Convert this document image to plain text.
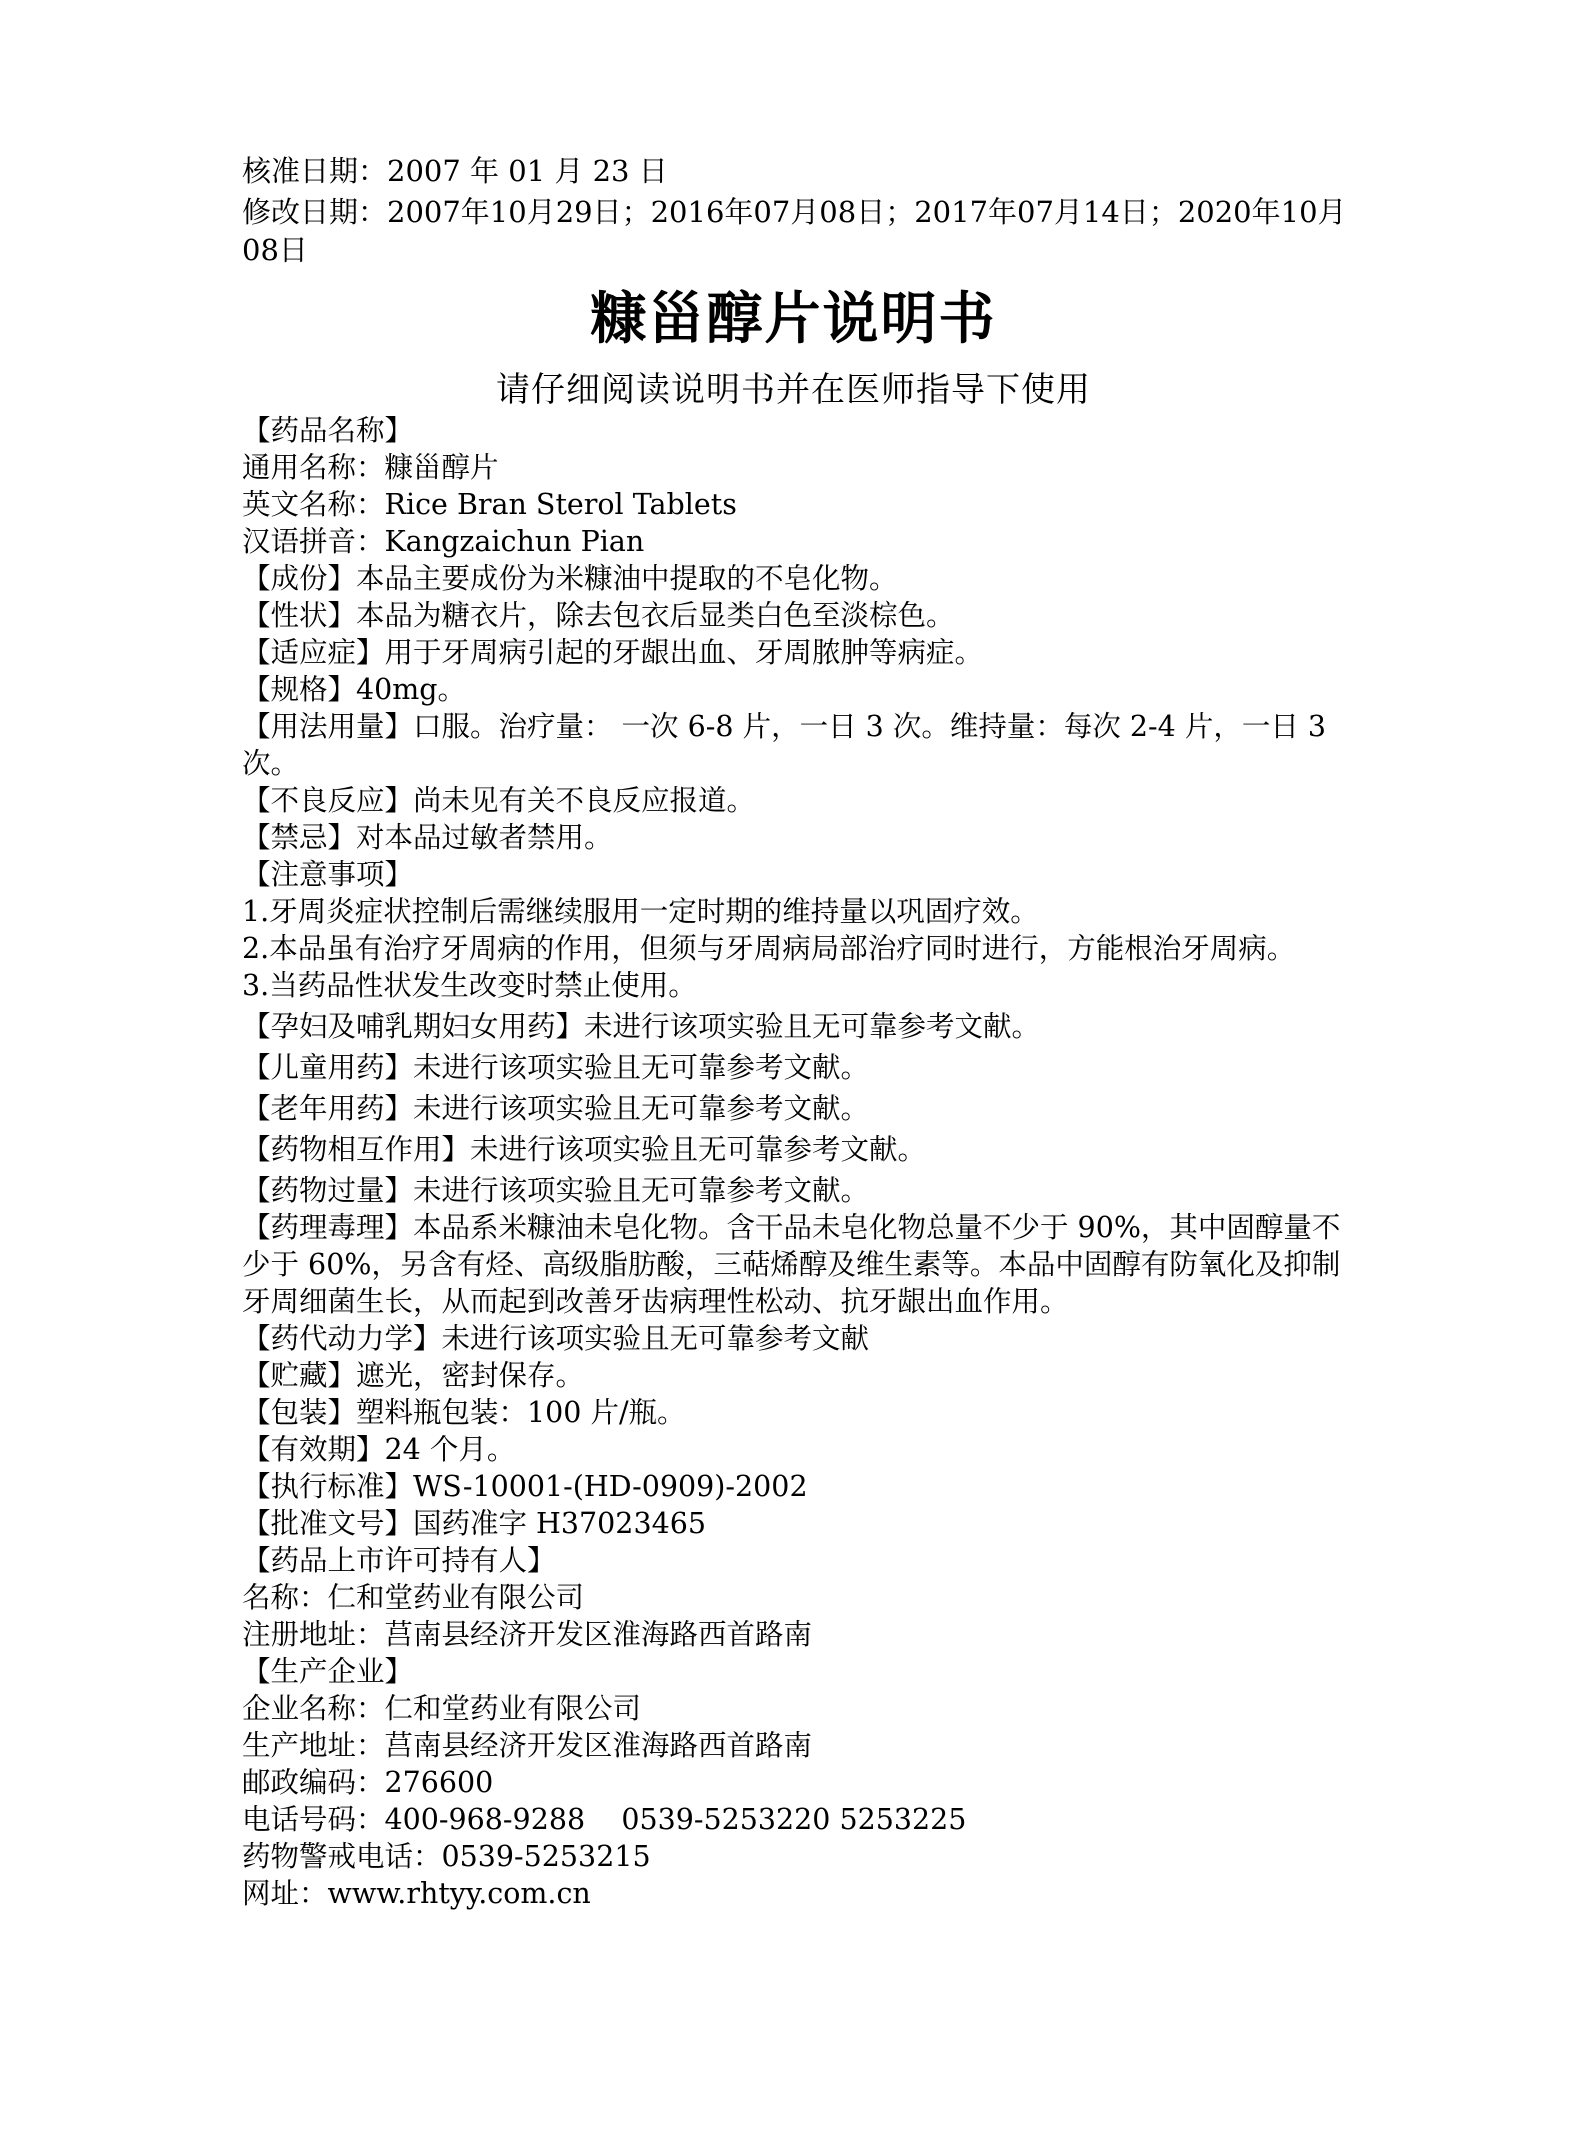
核准日期：2007 年 01 月 23 日

修改日期：2007年10月29日；2016年07月08日；2017年07月14日；2020年10月08日

糠甾醇片说明书
请仔细阅读说明书并在医师指导下使用

【药品名称】

通用名称：糠甾醇片

英文名称：Rice Bran Sterol Tablets

汉语拼音：Kangzaichun Pian

【成份】本品主要成份为米糠油中提取的不皂化物。

【性状】本品为糖衣片，除去包衣后显类白色至淡棕色。

【适应症】用于牙周病引起的牙龈出血、牙周脓肿等病症。

【规格】40mg。

【用法用量】口服。治疗量： 一次 6-8 片，一日 3 次。维持量：每次 2-4 片，一日 3 次。

【不良反应】尚未见有关不良反应报道。

【禁忌】对本品过敏者禁用。

【注意事项】

1.牙周炎症状控制后需继续服用一定时期的维持量以巩固疗效。

2.本品虽有治疗牙周病的作用，但须与牙周病局部治疗同时进行，方能根治牙周病。

3.当药品性状发生改变时禁止使用。

【孕妇及哺乳期妇女用药】未进行该项实验且无可靠参考文献。

【儿童用药】未进行该项实验且无可靠参考文献。

【老年用药】未进行该项实验且无可靠参考文献。

【药物相互作用】未进行该项实验且无可靠参考文献。

【药物过量】未进行该项实验且无可靠参考文献。

【药理毒理】本品系米糠油未皂化物。含干品未皂化物总量不少于 90%，其中固醇量不少于 60%，另含有烃、高级脂肪酸，三萜烯醇及维生素等。本品中固醇有防氧化及抑制牙周细菌生长，从而起到改善牙齿病理性松动、抗牙龈出血作用。

【药代动力学】未进行该项实验且无可靠参考文献

【贮藏】遮光，密封保存。

【包装】塑料瓶包装：100 片/瓶。

【有效期】24 个月。

【执行标准】WS-10001-(HD-0909)-2002

【批准文号】国药准字 H37023465

【药品上市许可持有人】

名称：仁和堂药业有限公司

注册地址：莒南县经济开发区淮海路西首路南

【生产企业】

企业名称：仁和堂药业有限公司

生产地址：莒南县经济开发区淮海路西首路南

邮政编码：276600

电话号码：400-968-9288    0539-5253220 5253225

药物警戒电话：0539-5253215

网址：www.rhtyy.com.cn
